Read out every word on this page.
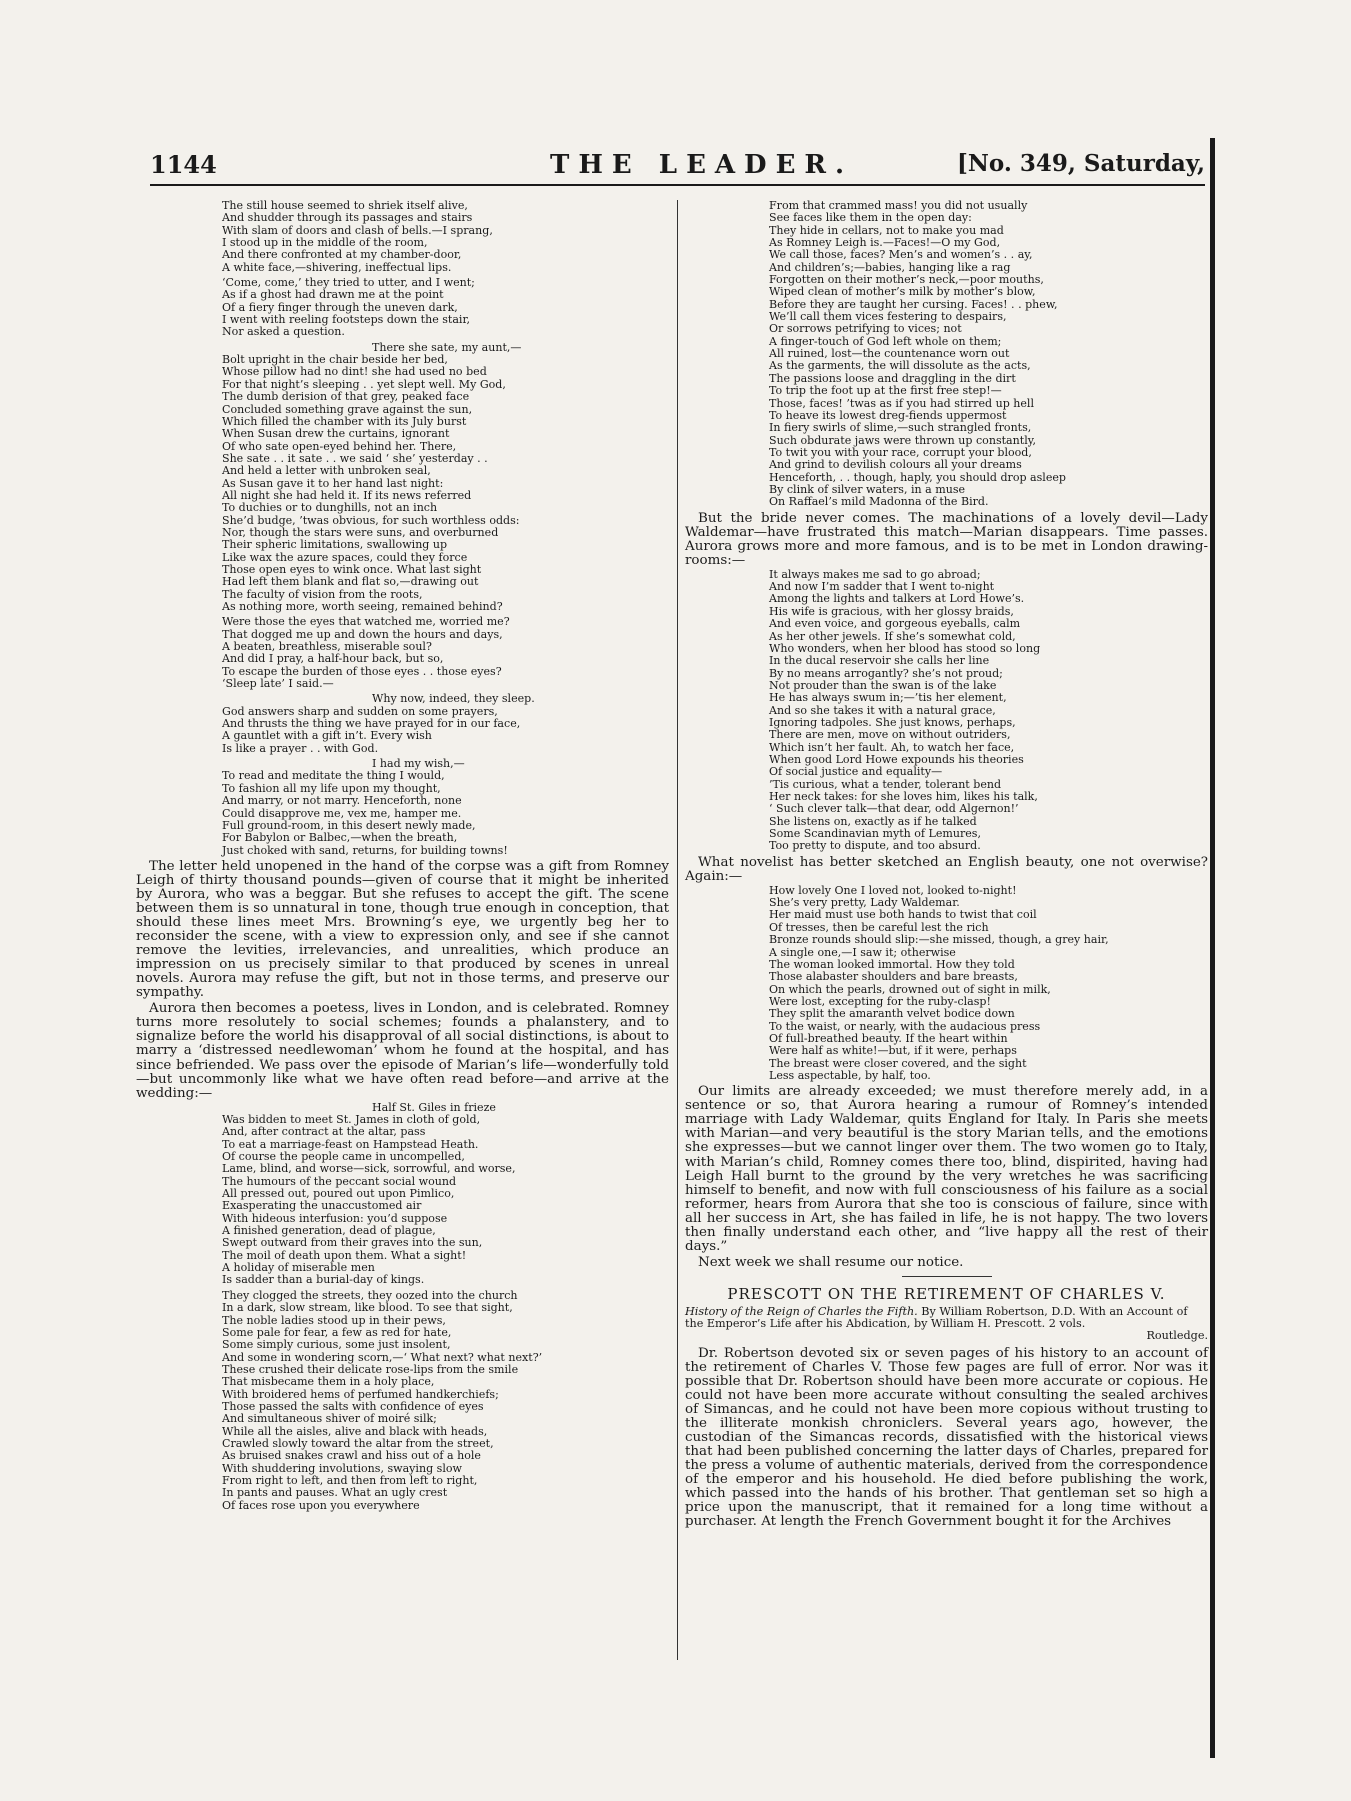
1144	THE LEADER.	[No. 349, Saturday,
The still house seemed to shriek itself alive,
And shudder through its passages and stairs
With slam of doors and clash of bells.—I sprang,
I stood up in the middle of the room,
And there confronted at my chamber-door,
A white face,—shivering, ineffectual lips.
‘Come, come,’ they tried to utter, and I went;
As if a ghost had drawn me at the point
Of a fiery finger through the uneven dark,
I went with reeling footsteps down the stair,
Nor asked a question.
There she sate, my aunt,—
Bolt upright in the chair beside her bed,
Whose pillow had no dint! she had used no bed
For that night’s sleeping . . yet slept well. My God,
The dumb derision of that grey, peaked face
Concluded something grave against the sun,
Which filled the chamber with its July burst
When Susan drew the curtains, ignorant
Of who sate open-eyed behind her. There,
She sate . . it sate . . we said ‘ she’ yesterday . .
And held a letter with unbroken seal,
As Susan gave it to her hand last night:
All night she had held it. If its news referred
To duchies or to dunghills, not an inch
She’d budge, ’twas obvious, for such worthless odds:
Nor, though the stars were suns, and overburned
Their spheric limitations, swallowing up
Like wax the azure spaces, could they force
Those open eyes to wink once. What last sight
Had left them blank and flat so,—drawing out
The faculty of vision from the roots,
As nothing more, worth seeing, remained behind?
Were those the eyes that watched me, worried me?
That dogged me up and down the hours and days,
A beaten, breathless, miserable soul?
And did I pray, a half-hour back, but so,
To escape the burden of those eyes . . those eyes?
‘Sleep late’ I said.—
Why now, indeed, they sleep.
God answers sharp and sudden on some prayers,
And thrusts the thing we have prayed for in our face,
A gauntlet with a gift in’t. Every wish
Is like a prayer . . with God.
I had my wish,—
To read and meditate the thing I would,
To fashion all my life upon my thought,
And marry, or not marry. Henceforth, none
Could disapprove me, vex me, hamper me.
Full ground-room, in this desert newly made,
For Babylon or Balbec,—when the breath,
Just choked with sand, returns, for building towns!

The letter held unopened in the hand of the corpse was a gift from Romney Leigh of thirty thousand pounds—given of course that it might be inherited by Aurora, who was a beggar. But she refuses to accept the gift. The scene between them is so unnatural in tone, though true enough in conception, that should these lines meet Mrs. Browning’s eye, we urgently beg her to reconsider the scene, with a view to expression only, and see if she cannot remove the levities, irrelevancies, and unrealities, which produce an impression on us precisely similar to that produced by scenes in unreal novels. Aurora may refuse the gift, but not in those terms, and preserve our sympathy.

Aurora then becomes a poetess, lives in London, and is celebrated. Romney turns more resolutely to social schemes; founds a phalanstery, and to signalize before the world his disapproval of all social distinctions, is about to marry a ‘distressed needlewoman’ whom he found at the hospital, and has since befriended. We pass over the episode of Marian’s life—wonderfully told—but uncommonly like what we have often read before—and arrive at the wedding:—

Half St. Giles in frieze
Was bidden to meet St. James in cloth of gold,
And, after contract at the altar, pass
To eat a marriage-feast on Hampstead Heath.
Of course the people came in uncompelled,
Lame, blind, and worse—sick, sorrowful, and worse,
The humours of the peccant social wound
All pressed out, poured out upon Pimlico,
Exasperating the unaccustomed air
With hideous interfusion: you’d suppose
A finished generation, dead of plague,
Swept outward from their graves into the sun,
The moil of death upon them. What a sight!
A holiday of miserable men
Is sadder than a burial-day of kings.
They clogged the streets, they oozed into the church
In a dark, slow stream, like blood. To see that sight,
The noble ladies stood up in their pews,
Some pale for fear, a few as red for hate,
Some simply curious, some just insolent,
And some in wondering scorn,—‘ What next? what next?’
These crushed their delicate rose-lips from the smile
That misbecame them in a holy place,
With broidered hems of perfumed handkerchiefs;
Those passed the salts with confidence of eyes
And simultaneous shiver of moiré silk;
While all the aisles, alive and black with heads,
Crawled slowly toward the altar from the street,
As bruised snakes crawl and hiss out of a hole
With shuddering involutions, swaying slow
From right to left, and then from left to right,
In pants and pauses. What an ugly crest
Of faces rose upon you everywhere
From that crammed mass! you did not usually
See faces like them in the open day:
They hide in cellars, not to make you mad
As Romney Leigh is.—Faces!—O my God,
We call those, faces? Men’s and women’s . . ay,
And children’s;—babies, hanging like a rag
Forgotten on their mother’s neck,—poor mouths,
Wiped clean of mother’s milk by mother’s blow,
Before they are taught her cursing. Faces! . . phew,
We’ll call them vices festering to despairs,
Or sorrows petrifying to vices; not
A finger-touch of God left whole on them;
All ruined, lost—the countenance worn out
As the garments, the will dissolute as the acts,
The passions loose and draggling in the dirt
To trip the foot up at the first free step!—
Those, faces! ’twas as if you had stirred up hell
To heave its lowest dreg-fiends uppermost
In fiery swirls of slime,—such strangled fronts,
Such obdurate jaws were thrown up constantly,
To twit you with your race, corrupt your blood,
And grind to devilish colours all your dreams
Henceforth, . . though, haply, you should drop asleep
By clink of silver waters, in a muse
On Raffael’s mild Madonna of the Bird.

But the bride never comes. The machinations of a lovely devil—Lady Waldemar—have frustrated this match—Marian disappears. Time passes. Aurora grows more and more famous, and is to be met in London drawing-rooms:—

It always makes me sad to go abroad;
And now I’m sadder that I went to-night
Among the lights and talkers at Lord Howe’s.
His wife is gracious, with her glossy braids,
And even voice, and gorgeous eyeballs, calm
As her other jewels. If she’s somewhat cold,
Who wonders, when her blood has stood so long
In the ducal reservoir she calls her line
By no means arrogantly? she’s not proud;
Not prouder than the swan is of the lake
He has always swum in;—’tis her element,
And so she takes it with a natural grace,
Ignoring tadpoles. She just knows, perhaps,
There are men, move on without outriders,
Which isn’t her fault. Ah, to watch her face,
When good Lord Howe expounds his theories
Of social justice and equality—
’Tis curious, what a tender, tolerant bend
Her neck takes: for she loves him, likes his talk,
‘ Such clever talk—that dear, odd Algernon!’
She listens on, exactly as if he talked
Some Scandinavian myth of Lemures,
Too pretty to dispute, and too absurd.

What novelist has better sketched an English beauty, one not overwise? Again:—

How lovely One I loved not, looked to-night!
She’s very pretty, Lady Waldemar.
Her maid must use both hands to twist that coil
Of tresses, then be careful lest the rich
Bronze rounds should slip:—she missed, though, a grey hair,
A single one,—I saw it; otherwise
The woman looked immortal. How they told
Those alabaster shoulders and bare breasts,
On which the pearls, drowned out of sight in milk,
Were lost, excepting for the ruby-clasp!
They split the amaranth velvet bodice down
To the waist, or nearly, with the audacious press
Of full-breathed beauty. If the heart within
Were half as white!—but, if it were, perhaps
The breast were closer covered, and the sight
Less aspectable, by half, too.

Our limits are already exceeded; we must therefore merely add, in a sentence or so, that Aurora hearing a rumour of Romney’s intended marriage with Lady Waldemar, quits England for Italy. In Paris she meets with Marian—and very beautiful is the story Marian tells, and the emotions she expresses—but we cannot linger over them. The two women go to Italy, with Marian’s child, Romney comes there too, blind, dispirited, having had Leigh Hall burnt to the ground by the very wretches he was sacrificing himself to benefit, and now with full consciousness of his failure as a social reformer, hears from Aurora that she too is conscious of failure, since with all her success in Art, she has failed in life, he is not happy. The two lovers then finally understand each other, and “live happy all the rest of their days.”

Next week we shall resume our notice.

PRESCOTT ON THE RETIREMENT OF CHARLES V.
History of the Reign of Charles the Fifth. By William Robertson, D.D. With an Account of the Emperor’s Life after his Abdication, by William H. Prescott. 2 vols.
Routledge.

Dr. Robertson devoted six or seven pages of his history to an account of the retirement of Charles V. Those few pages are full of error. Nor was it possible that Dr. Robertson should have been more accurate or copious. He could not have been more accurate without consulting the sealed archives of Simancas, and he could not have been more copious without trusting to the illiterate monkish chroniclers. Several years ago, however, the custodian of the Simancas records, dissatisfied with the historical views that had been published concerning the latter days of Charles, prepared for the press a volume of authentic materials, derived from the correspondence of the emperor and his household. He died before publishing the work, which passed into the hands of his brother. That gentleman set so high a price upon the manuscript, that it remained for a long time without a purchaser. At length the French Government bought it for the Archives
